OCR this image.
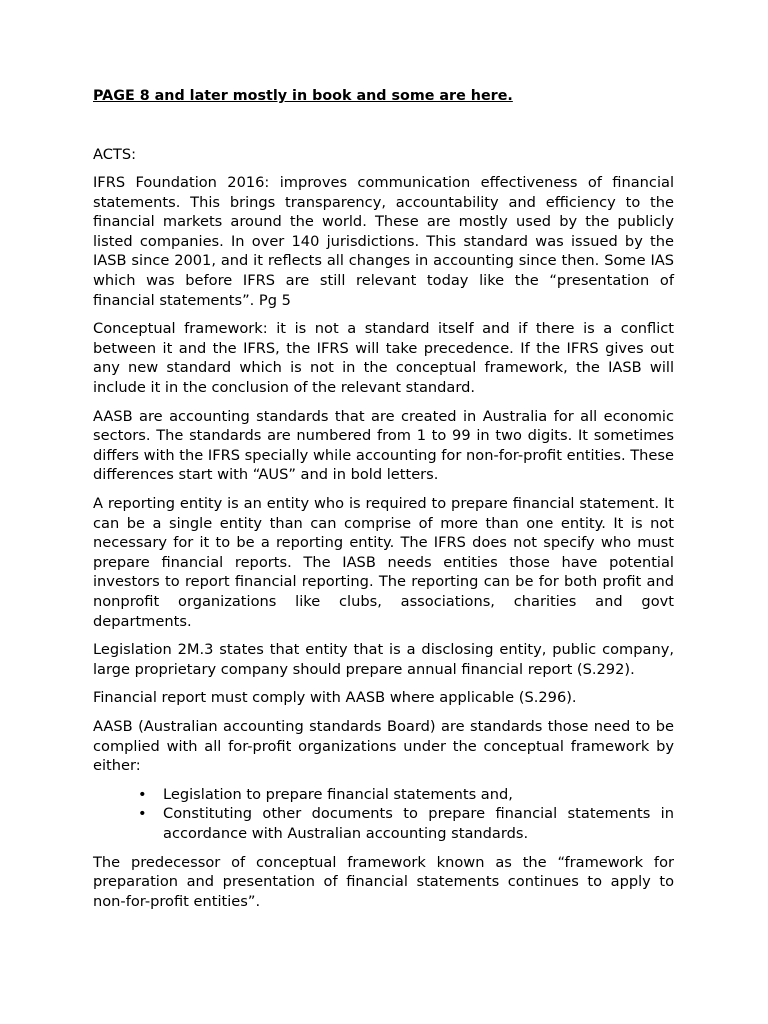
PAGE 8 and later mostly in book and some are here.

ACTS:

IFRS Foundation 2016: improves communication effectiveness of financial statements. This brings transparency, accountability and efficiency to the financial markets around the world. These are mostly used by the publicly listed companies. In over 140 jurisdictions. This standard was issued by the IASB since 2001, and it reflects all changes in accounting since then. Some IAS which was before IFRS are still relevant today like the “presentation of financial statements”. Pg 5

Conceptual framework: it is not a standard itself and if there is a conflict between it and the IFRS, the IFRS will take precedence. If the IFRS gives out any new standard which is not in the conceptual framework, the IASB will include it in the conclusion of the relevant standard.

AASB are accounting standards that are created in Australia for all economic sectors. The standards are numbered from 1 to 99 in two digits. It sometimes differs with the IFRS specially while accounting for non-for-profit entities. These differences start with “AUS” and in bold letters.

A reporting entity is an entity who is required to prepare financial statement. It can be a single entity than can comprise of more than one entity. It is not necessary for it to be a reporting entity. The IFRS does not specify who must prepare financial reports. The IASB needs entities those have potential investors to report financial reporting. The reporting can be for both profit and nonprofit organizations like clubs, associations, charities and govt departments.

Legislation 2M.3 states that entity that is a disclosing entity, public company, large proprietary company should prepare annual financial report (S.292).

Financial report must comply with AASB where applicable (S.296).

AASB (Australian accounting standards Board) are standards those need to be complied with all for-profit organizations under the conceptual framework by either:

• Legislation to prepare financial statements and,
• Constituting other documents to prepare financial statements in accordance with Australian accounting standards.

The predecessor of conceptual framework known as the “framework for preparation and presentation of financial statements continues to apply to non-for-profit entities”.
